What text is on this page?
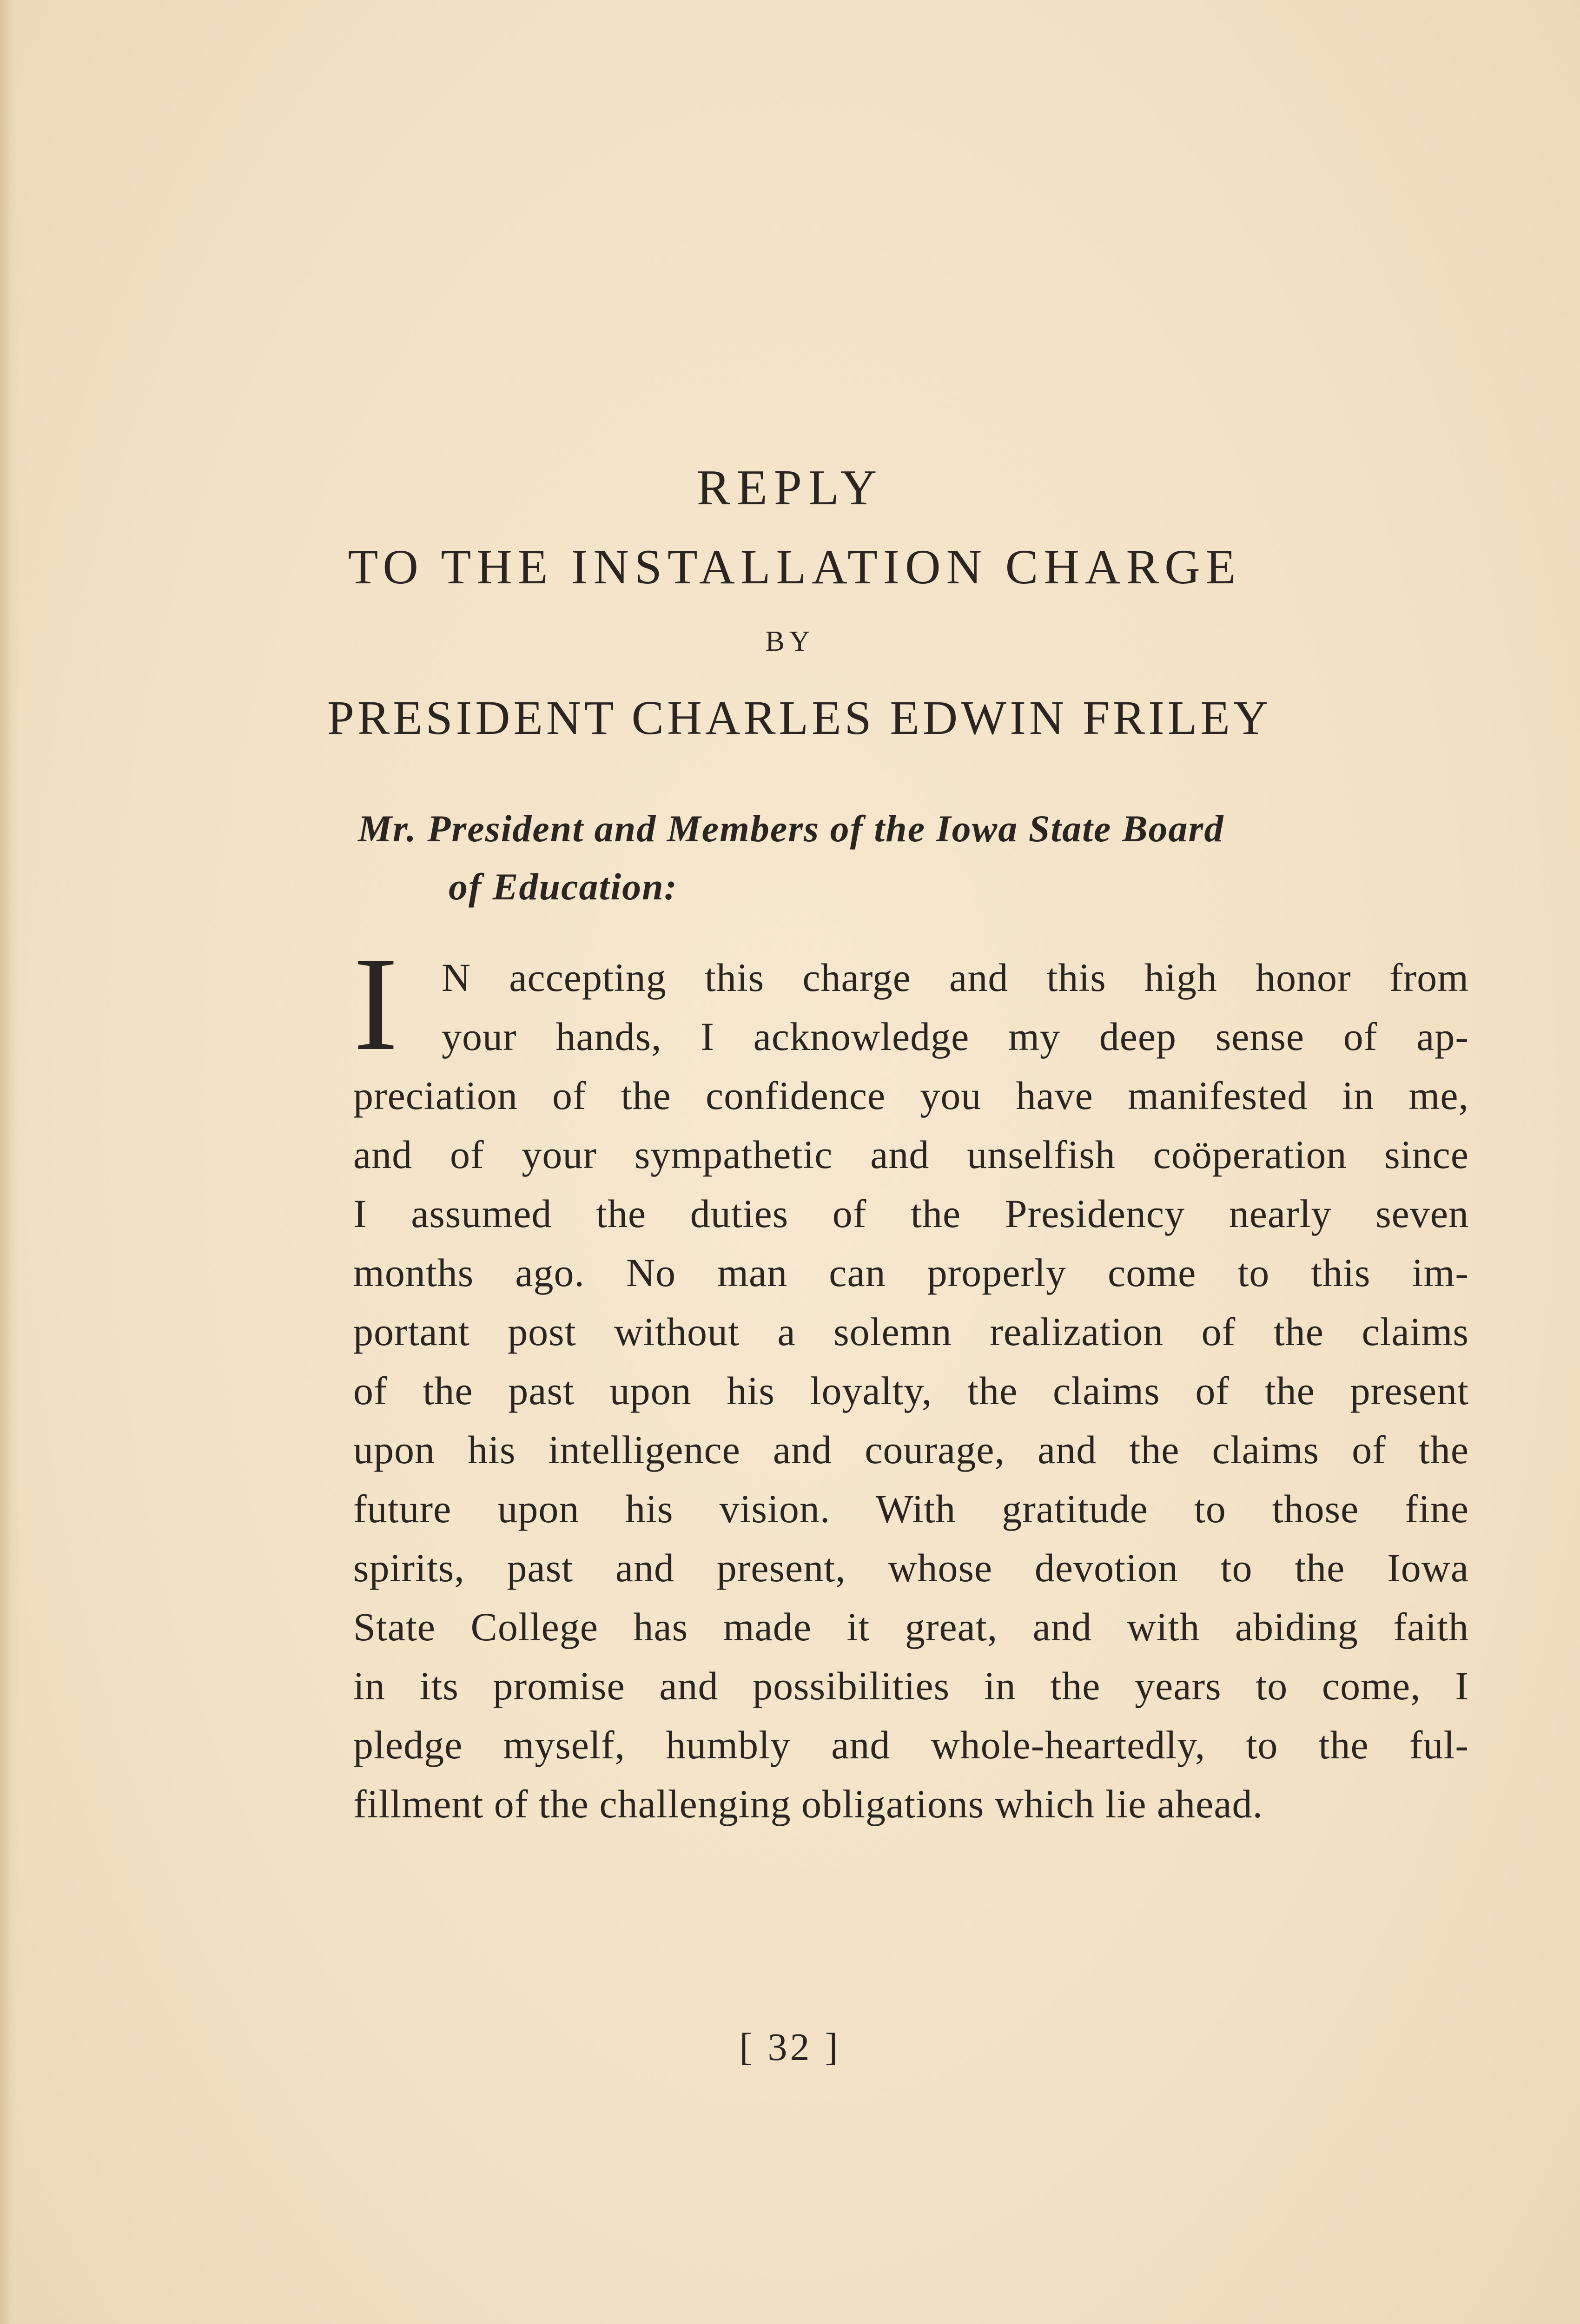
REPLY
TO THE INSTALLATION CHARGE
BY
PRESIDENT CHARLES EDWIN FRILEY

Mr. President and Members of the Iowa State Board
of Education:

I	N accepting this charge and this high honor from
your hands, I acknowledge my deep sense of ap-
preciation of the confidence you have manifested in me,
and of your sympathetic and unselfish coöperation since
I assumed the duties of the Presidency nearly seven
months ago. No man can properly come to this im-
portant post without a solemn realization of the claims
of the past upon his loyalty, the claims of the present
upon his intelligence and courage, and the claims of the
future upon his vision. With gratitude to those fine
spirits, past and present, whose devotion to the Iowa
State College has made it great, and with abiding faith
in its promise and possibilities in the years to come, I
pledge myself, humbly and whole-heartedly, to the ful-
fillment of the challenging obligations which lie ahead.
[ 32 ]
